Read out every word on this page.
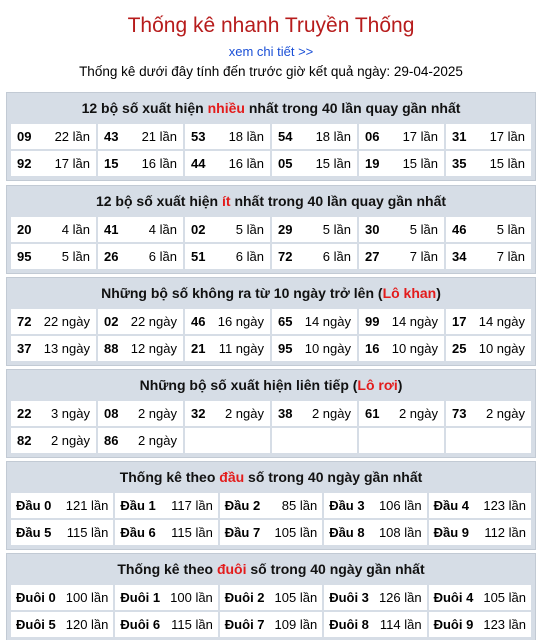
Thống kê nhanh Truyền Thống
xem chi tiết >>
Thống kê dưới đây tính đến trước giờ kết quả ngày: 29-04-2025
12 bộ số xuất hiện nhiều nhất trong 40 lần quay gần nhất
09 22 lần 43 21 lần 53 18 lần 54 18 lần 06 17 lần 31 17 lần
92 17 lần 15 16 lần 44 16 lần 05 15 lần 19 15 lần 35 15 lần
12 bộ số xuất hiện ít nhất trong 40 lần quay gần nhất
20 4 lần 41 4 lần 02 5 lần 29 5 lần 30 5 lần 46 5 lần
95 5 lần 26 6 lần 51 6 lần 72 6 lần 27 7 lần 34 7 lần
Những bộ số không ra từ 10 ngày trở lên (Lô khan)
72 22 ngày 02 22 ngày 46 16 ngày 65 14 ngày 99 14 ngày 17 14 ngày
37 13 ngày 88 12 ngày 21 11 ngày 95 10 ngày 16 10 ngày 25 10 ngày
Những bộ số xuất hiện liên tiếp (Lô rơi)
22 3 ngày 08 2 ngày 32 2 ngày 38 2 ngày 61 2 ngày 73 2 ngày
82 2 ngày 86 2 ngày
Thống kê theo đầu số trong 40 ngày gần nhất
Đầu 0 121 lần Đầu 1 117 lần Đầu 2 85 lần Đầu 3 106 lần Đầu 4 123 lần
Đầu 5 115 lần Đầu 6 115 lần Đầu 7 105 lần Đầu 8 108 lần Đầu 9 112 lần
Thống kê theo đuôi số trong 40 ngày gần nhất
Đuôi 0 100 lần Đuôi 1 100 lần Đuôi 2 105 lần Đuôi 3 126 lần Đuôi 4 105 lần
Đuôi 5 120 lần Đuôi 6 115 lần Đuôi 7 109 lần Đuôi 8 114 lần Đuôi 9 123 lần
